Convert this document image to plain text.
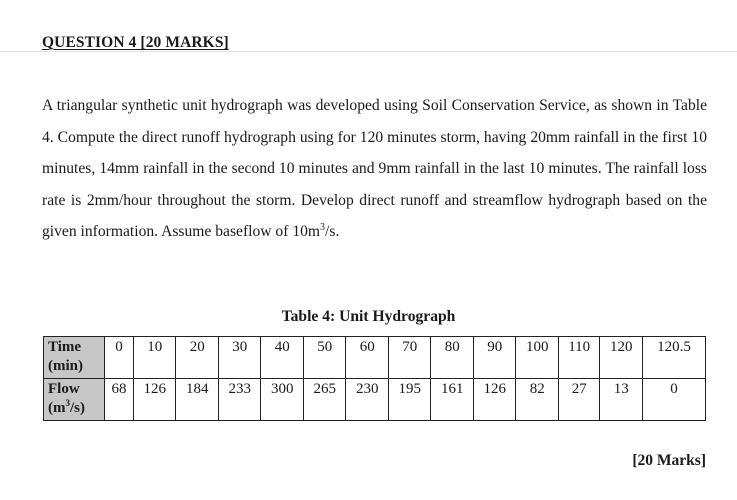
QUESTION 4 [20 MARKS]
A triangular synthetic unit hydrograph was developed using Soil Conservation Service, as shown in Table 4. Compute the direct runoff hydrograph using for 120 minutes storm, having 20mm rainfall in the first 10 minutes, 14mm rainfall in the second 10 minutes and 9mm rainfall in the last 10 minutes. The rainfall loss rate is 2mm/hour throughout the storm. Develop direct runoff and streamflow hydrograph based on the given information. Assume baseflow of $10m^3/s$.
Table 4: Unit Hydrograph
Time
(min)	0	10	20	30	40	50	60	70	80	90	100	110	120	120.5
Flow
$(m^3/s)$	68	126	184	233	300	265	230	195	161	126	82	27	13	0
[20 Marks]
